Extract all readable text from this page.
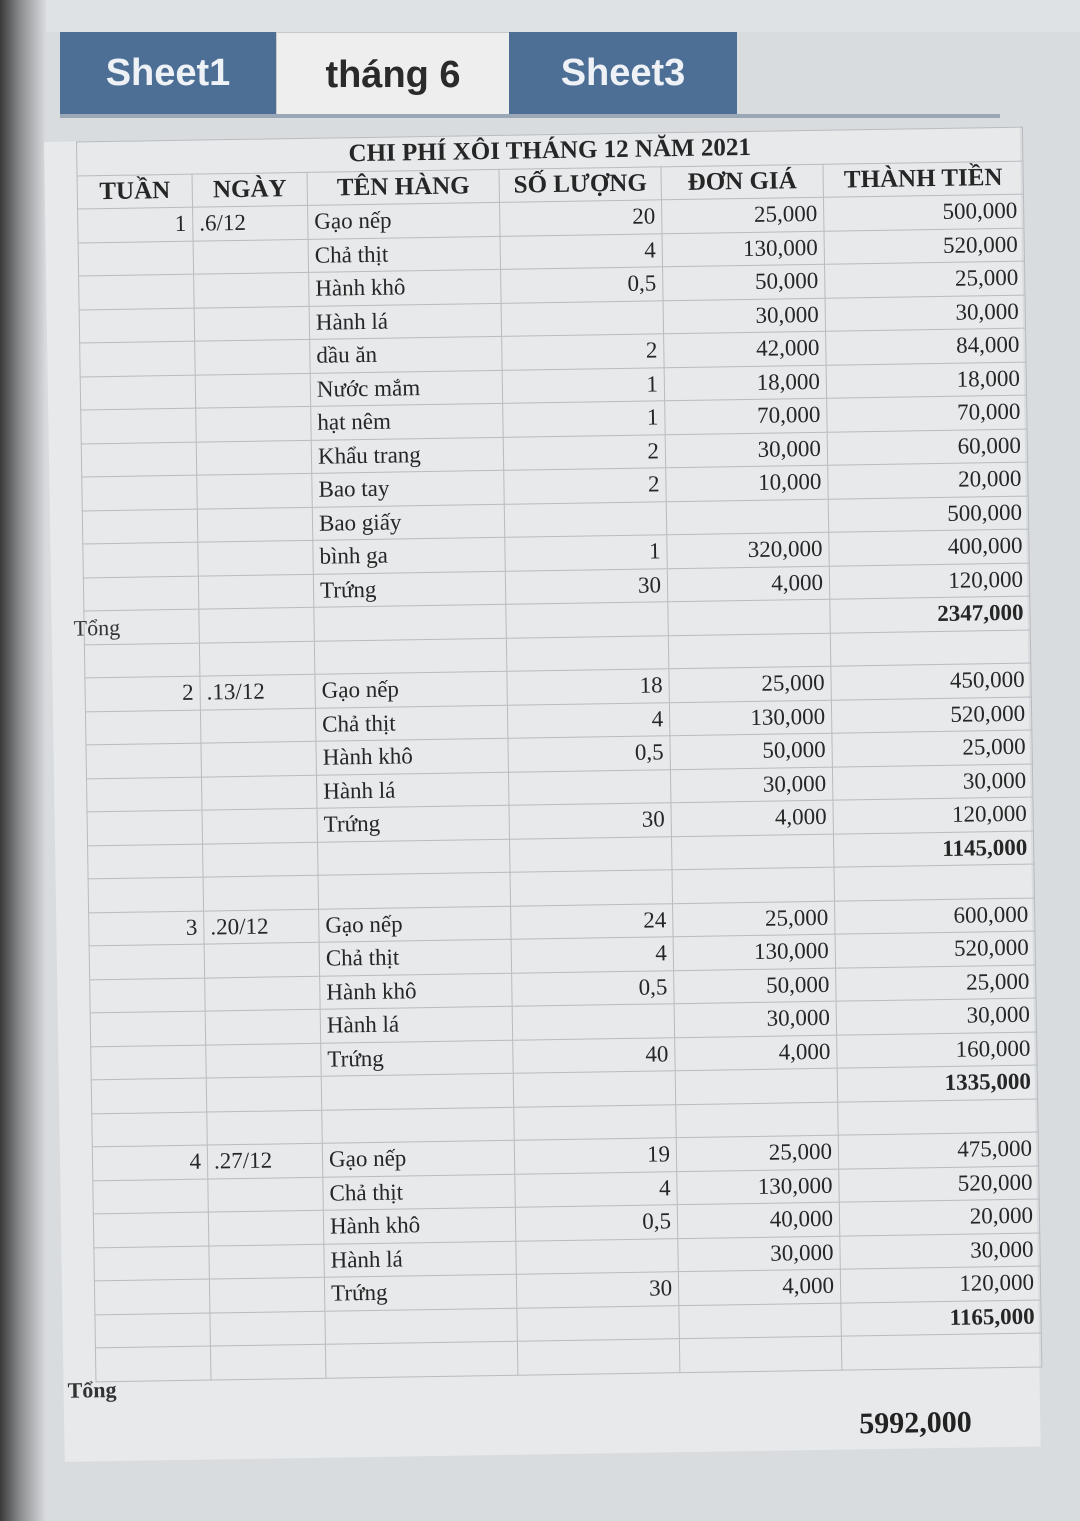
Sheet1	tháng 6	Sheet3
CHI PHÍ XÔI THÁNG 12 NĂM 2021					
TUẦN	NGÀY	TÊN HÀNG	SỐ LƯỢNG	ĐƠN GIÁ	THÀNH TIỀN
1	.6/12	Gạo nếp	20	25,000	500,000
		Chả thịt	4	130,000	520,000
		Hành khô	0,5	50,000	25,000
		Hành lá		30,000	30,000
		dầu ăn	2	42,000	84,000
		Nước mắm	1	18,000	18,000
		hạt nêm	1	70,000	70,000
		Khẩu trang	2	30,000	60,000
		Bao tay	2	10,000	20,000
		Bao giấy			500,000
		bình ga	1	320,000	400,000
		Trứng	30	4,000	120,000
					2347,000

2	.13/12	Gạo nếp	18	25,000	450,000
		Chả thịt	4	130,000	520,000
		Hành khô	0,5	50,000	25,000
		Hành lá		30,000	30,000
		Trứng	30	4,000	120,000
					1145,000

3	.20/12	Gạo nếp	24	25,000	600,000
		Chả thịt	4	130,000	520,000
		Hành khô	0,5	50,000	25,000
		Hành lá		30,000	30,000
		Trứng	40	4,000	160,000
					1335,000

4	.27/12	Gạo nếp	19	25,000	475,000
		Chả thịt	4	130,000	520,000
		Hành khô	0,5	40,000	20,000
		Hành lá		30,000	30,000
		Trứng	30	4,000	120,000
					1165,000

Tổng
Tổng
5992,000
